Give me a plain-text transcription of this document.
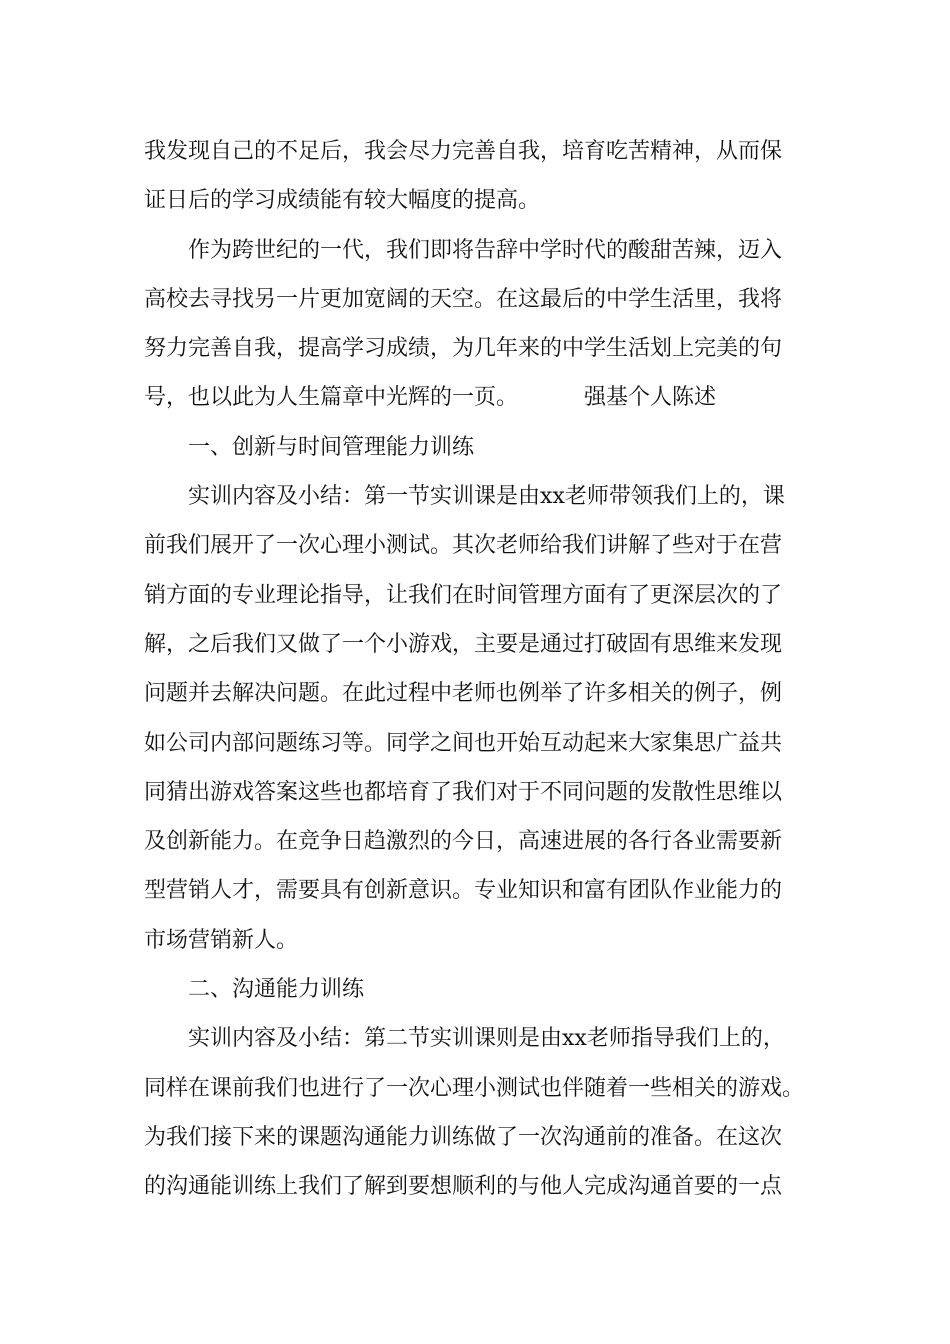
我发现自己的不足后，我会尽力完善自我，培育吃苦精神，从而保
证日后的学习成绩能有较大幅度的提高。
作为跨世纪的一代，我们即将告辞中学时代的酸甜苦辣，迈入
高校去寻找另一片更加宽阔的天空。在这最后的中学生活里，我将
努力完善自我，提高学习成绩，为几年来的中学生活划上完美的句
号，也以此为人生篇章中光辉的一页。	强基个人陈述
一、创新与时间管理能力训练
实训内容及小结：第一节实训课是由xx老师带领我们上的，课
前我们展开了一次心理小测试。其次老师给我们讲解了些对于在营
销方面的专业理论指导，让我们在时间管理方面有了更深层次的了
解，之后我们又做了一个小游戏，主要是通过打破固有思维来发现
问题并去解决问题。在此过程中老师也例举了许多相关的例子，例
如公司内部问题练习等。同学之间也开始互动起来大家集思广益共
同猜出游戏答案这些也都培育了我们对于不同问题的发散性思维以
及创新能力。在竞争日趋激烈的今日，高速进展的各行各业需要新
型营销人才，需要具有创新意识。专业知识和富有团队作业能力的
市场营销新人。
二、沟通能力训练
实训内容及小结：第二节实训课则是由xx老师指导我们上的，
同样在课前我们也进行了一次心理小测试也伴随着一些相关的游戏。
为我们接下来的课题沟通能力训练做了一次沟通前的准备。在这次
的沟通能训练上我们了解到要想顺利的与他人完成沟通首要的一点
